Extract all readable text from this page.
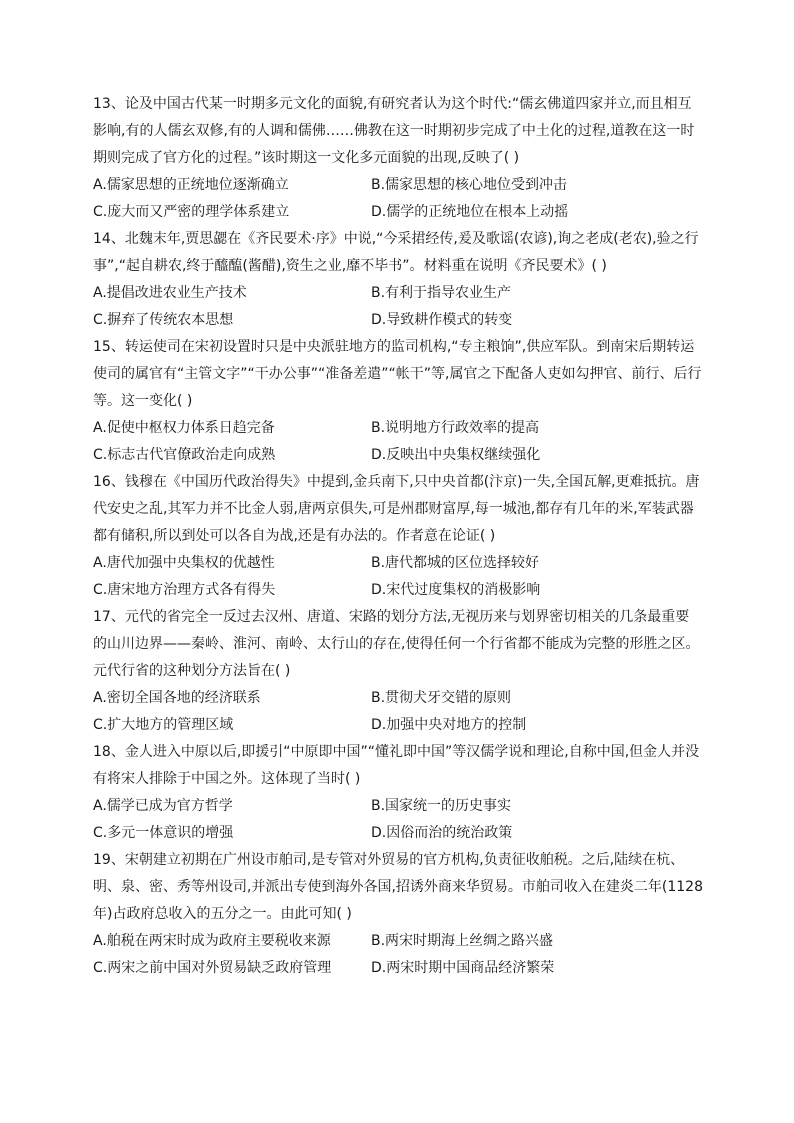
13、论及中国古代某一时期多元文化的面貌,有研究者认为这个时代:“儒玄佛道四家并立,而且相互影响,有的人儒玄双修,有的人调和儒佛……佛教在这一时期初步完成了中土化的过程,道教在这一时期则完成了官方化的过程。”该时期这一文化多元面貌的出现,反映了( )
A.儒家思想的正统地位逐渐确立	B.儒家思想的核心地位受到冲击
C.庞大而又严密的理学体系建立	D.儒学的正统地位在根本上动摇
14、北魏末年,贾思勰在《齐民要术·序》中说,“今采捃经传,爰及歌谣(农谚),询之老成(老农),验之行事”,“起自耕农,终于醯醢(酱醋),资生之业,靡不毕书”。材料重在说明《齐民要术》( )
A.提倡改进农业生产技术	B.有利于指导农业生产
C.摒弃了传统农本思想	D.导致耕作模式的转变
15、转运使司在宋初设置时只是中央派驻地方的监司机构,“专主粮饷”,供应军队。到南宋后期转运使司的属官有“主管文字”“干办公事”“准备差遣”“帐干”等,属官之下配备人吏如勾押官、前行、后行等。这一变化( )
A.促使中枢权力体系日趋完备	B.说明地方行政效率的提高
C.标志古代官僚政治走向成熟	D.反映出中央集权继续强化
16、钱穆在《中国历代政治得失》中提到,金兵南下,只中央首都(汴京)一失,全国瓦解,更难抵抗。唐代安史之乱,其军力并不比金人弱,唐两京俱失,可是州郡财富厚,每一城池,都存有几年的米,军装武器都有储积,所以到处可以各自为战,还是有办法的。作者意在论证( )
A.唐代加强中央集权的优越性	B.唐代都城的区位选择较好
C.唐宋地方治理方式各有得失	D.宋代过度集权的消极影响
17、元代的省完全一反过去汉州、唐道、宋路的划分方法,无视历来与划界密切相关的几条最重要的山川边界——秦岭、淮河、南岭、太行山的存在,使得任何一个行省都不能成为完整的形胜之区。元代行省的这种划分方法旨在( )
A.密切全国各地的经济联系	B.贯彻犬牙交错的原则
C.扩大地方的管理区域	D.加强中央对地方的控制
18、金人进入中原以后,即援引“中原即中国”“懂礼即中国”等汉儒学说和理论,自称中国,但金人并没有将宋人排除于中国之外。这体现了当时( )
A.儒学已成为官方哲学	B.国家统一的历史事实
C.多元一体意识的增强	D.因俗而治的统治政策
19、宋朝建立初期在广州设市舶司,是专管对外贸易的官方机构,负责征收舶税。之后,陆续在杭、明、泉、密、秀等州设司,并派出专使到海外各国,招诱外商来华贸易。市舶司收入在建炎二年(1128年)占政府总收入的五分之一。由此可知( )
A.舶税在两宋时成为政府主要税收来源	B.两宋时期海上丝绸之路兴盛
C.两宋之前中国对外贸易缺乏政府管理	D.两宋时期中国商品经济繁荣
